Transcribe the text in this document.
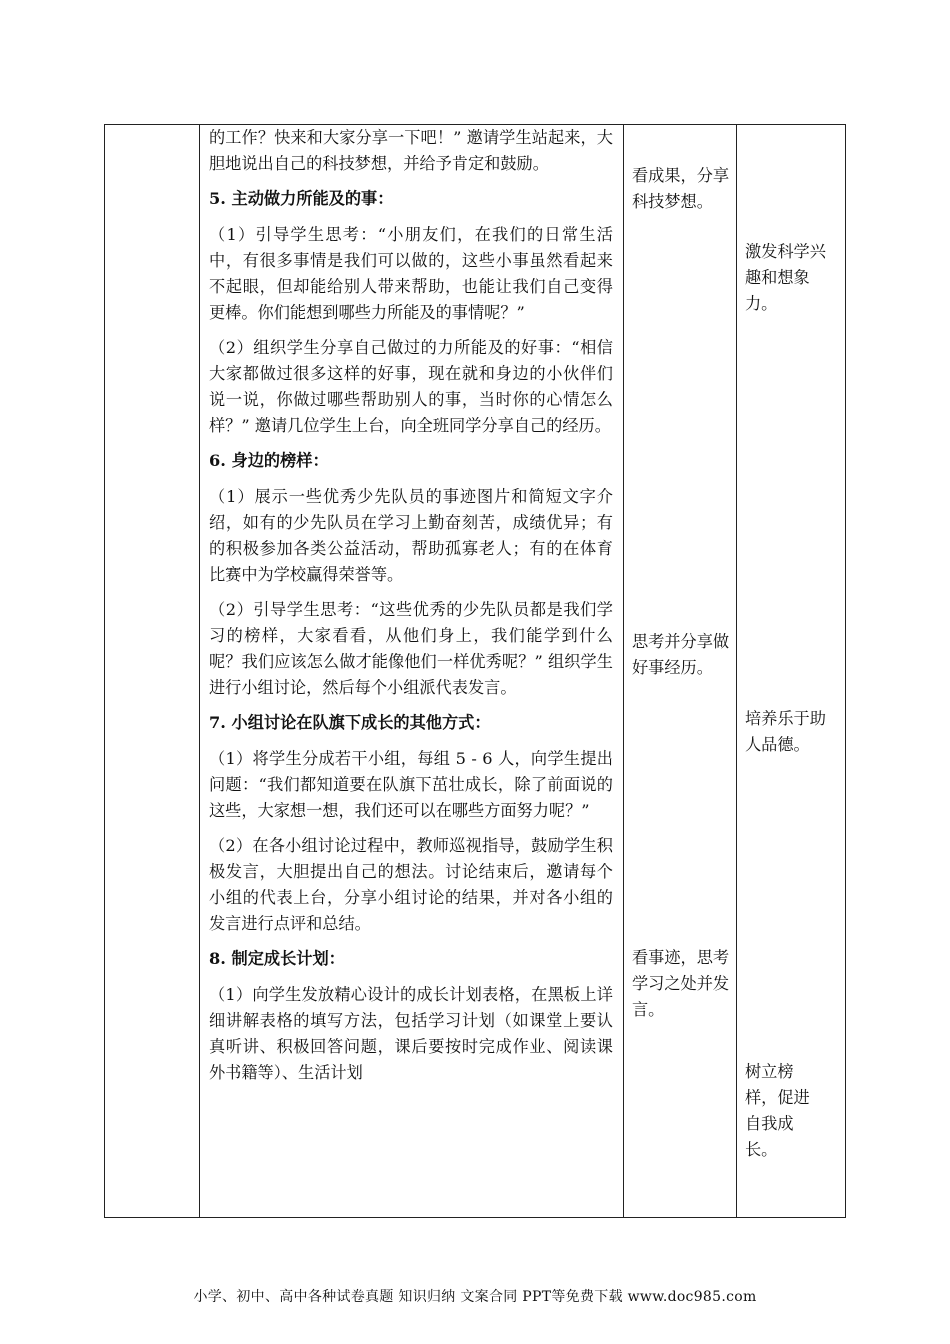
的工作？快来和大家分享一下吧！” 邀请学生站起来，大胆地说出自己的科技梦想，并给予肯定和鼓励。

5. 主动做力所能及的事：

（1）引导学生思考：“小朋友们，在我们的日常生活中，有很多事情是我们可以做的，这些小事虽然看起来不起眼，但却能给别人带来帮助，也能让我们自己变得更棒。你们能想到哪些力所能及的事情呢？”

（2）组织学生分享自己做过的力所能及的好事：“相信大家都做过很多这样的好事，现在就和身边的小伙伴们说一说，你做过哪些帮助别人的事，当时你的心情怎么样？” 邀请几位学生上台，向全班同学分享自己的经历。

6. 身边的榜样：

（1）展示一些优秀少先队员的事迹图片和简短文字介绍，如有的少先队员在学习上勤奋刻苦，成绩优异；有的积极参加各类公益活动，帮助孤寡老人；有的在体育比赛中为学校赢得荣誉等。

（2）引导学生思考：“这些优秀的少先队员都是我们学习的榜样，大家看看，从他们身上，我们能学到什么呢？我们应该怎么做才能像他们一样优秀呢？” 组织学生进行小组讨论，然后每个小组派代表发言。

7. 小组讨论在队旗下成长的其他方式：

（1）将学生分成若干小组，每组 5 - 6 人，向学生提出问题：“我们都知道要在队旗下茁壮成长，除了前面说的这些，大家想一想，我们还可以在哪些方面努力呢？”

（2）在各小组讨论过程中，教师巡视指导，鼓励学生积极发言，大胆提出自己的想法。讨论结束后，邀请每个小组的代表上台，分享小组讨论的结果，并对各小组的发言进行点评和总结。

8. 制定成长计划：

（1）向学生发放精心设计的成长计划表格，在黑板上详细讲解表格的填写方法，包括学习计划（如课堂上要认真听讲、积极回答问题，课后要按时完成作业、阅读课外书籍等）、生活计划

看成果，分享科技梦想。
思考并分享做好事经历。
看事迹，思考学习之处并发言。
激发科学兴趣和想象力。
培养乐于助人品德。
树立榜样，促进自我成长。
小学、初中、高中各种试卷真题 知识归纳 文案合同 PPT等免费下载 www.doc985.com
